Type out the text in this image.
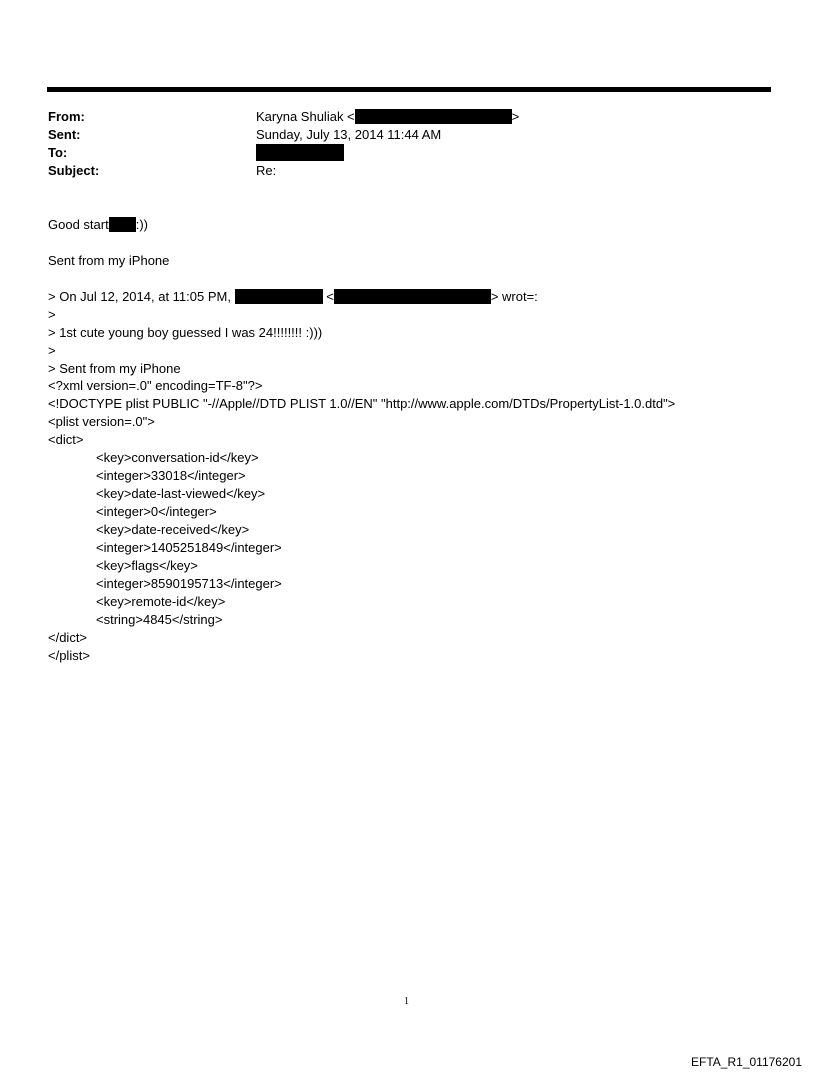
From:	Karyna Shuliak <	>
Sent:	Sunday, July 13, 2014 11:44 AM
To:
Subject:	Re:
Good start :))
Sent from my iPhone
> On Jul 12, 2014, at 11:05 PM,	<	> wrot=:
>
> 1st cute young boy guessed I was 24!!!!!!!! :)))
>
> Sent from my iPhone
<?xml version=.0" encoding=TF-8"?>
<!DOCTYPE plist PUBLIC "-//Apple//DTD PLIST 1.0//EN" "http://www.apple.com/DTDs/PropertyList-1.0.dtd">
<plist version=.0">
<dict>
<key>conversation-id</key>
<integer>33018</integer>
<key>date-last-viewed</key>
<integer>0</integer>
<key>date-received</key>
<integer>1405251849</integer>
<key>flags</key>
<integer>8590195713</integer>
<key>remote-id</key>
<string>4845</string>
</dict>
</plist>
1
EFTA_R1_01176201
